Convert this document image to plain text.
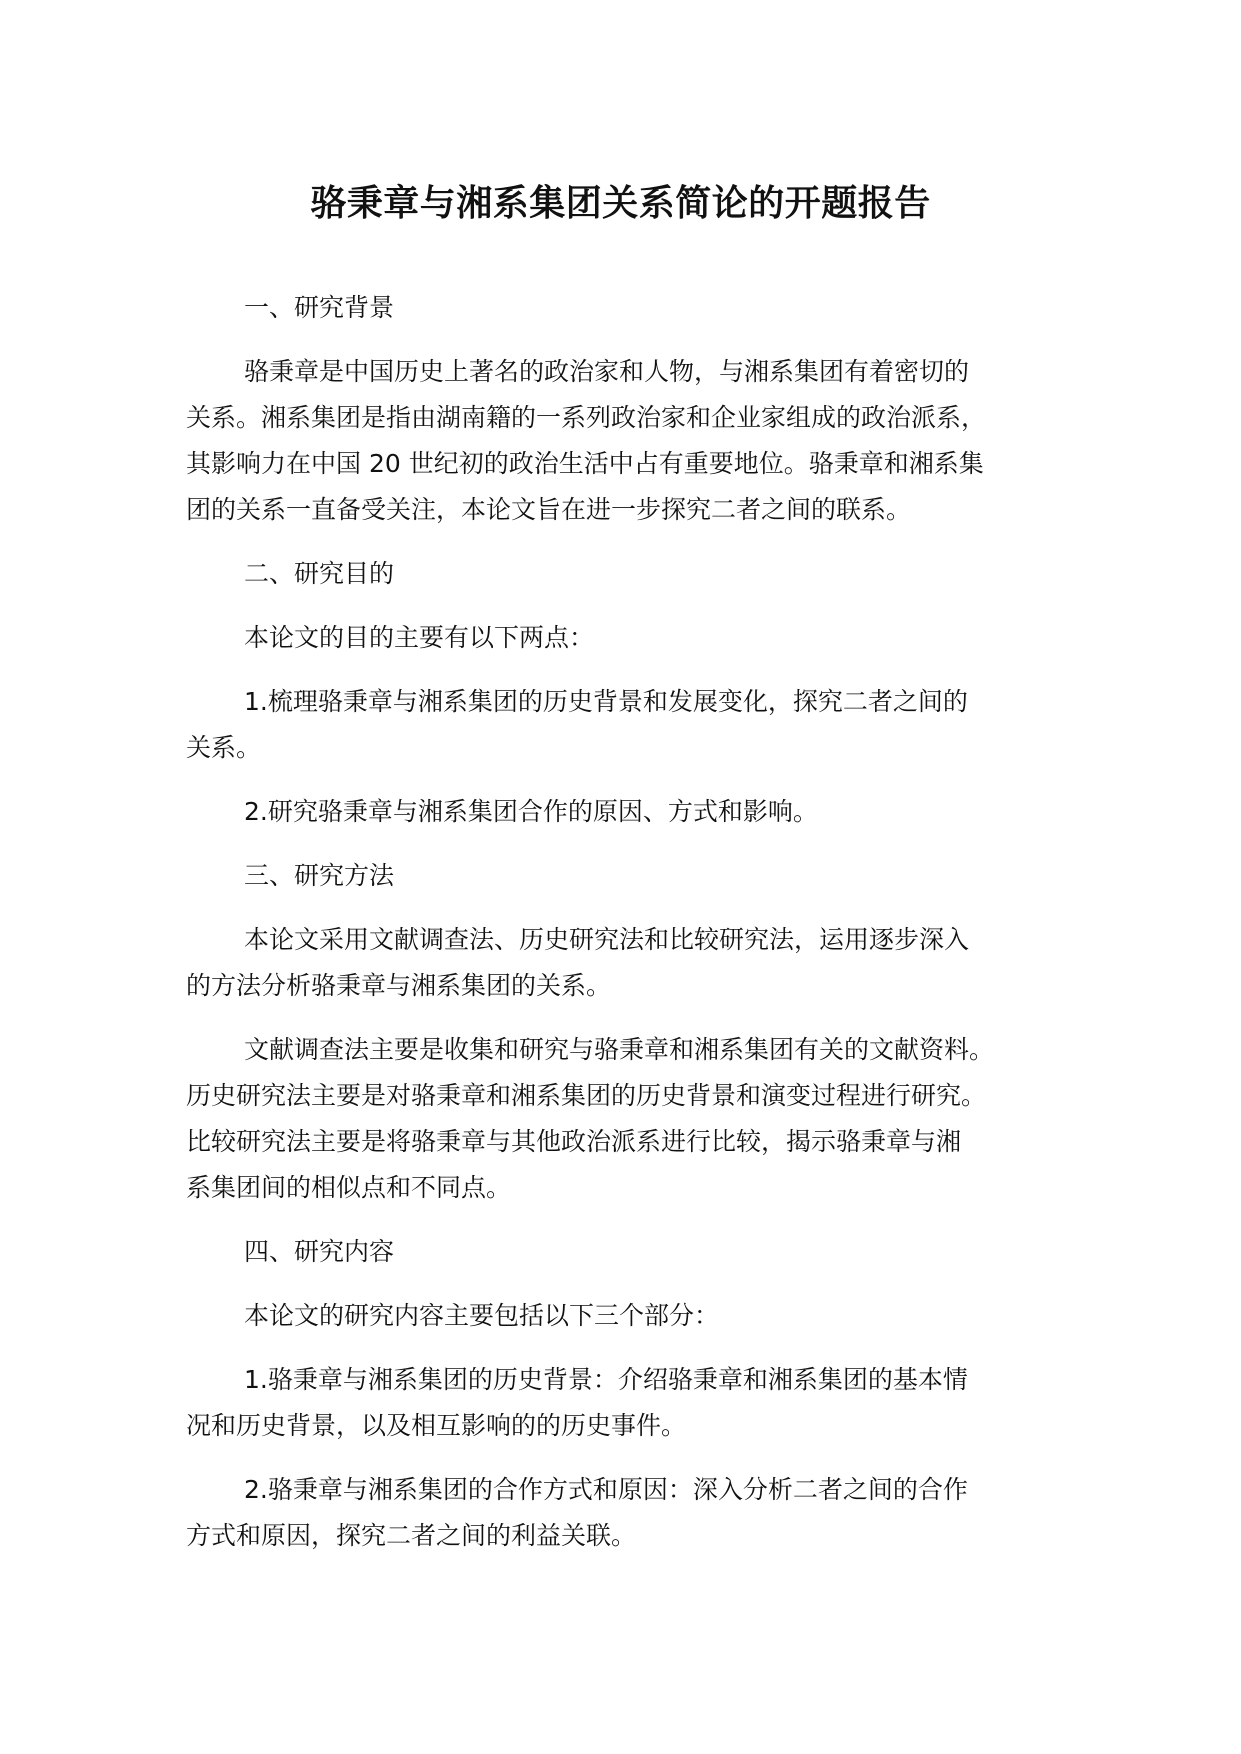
骆秉章与湘系集团关系简论的开题报告
一、研究背景
骆秉章是中国历史上著名的政治家和人物，与湘系集团有着密切的
关系。湘系集团是指由湖南籍的一系列政治家和企业家组成的政治派系，
其影响力在中国 20 世纪初的政治生活中占有重要地位。骆秉章和湘系集
团的关系一直备受关注，本论文旨在进一步探究二者之间的联系。
二、研究目的
本论文的目的主要有以下两点：
1.梳理骆秉章与湘系集团的历史背景和发展变化，探究二者之间的
关系。
2.研究骆秉章与湘系集团合作的原因、方式和影响。
三、研究方法
本论文采用文献调查法、历史研究法和比较研究法，运用逐步深入
的方法分析骆秉章与湘系集团的关系。
文献调查法主要是收集和研究与骆秉章和湘系集团有关的文献资料。
历史研究法主要是对骆秉章和湘系集团的历史背景和演变过程进行研究。
比较研究法主要是将骆秉章与其他政治派系进行比较，揭示骆秉章与湘
系集团间的相似点和不同点。
四、研究内容
本论文的研究内容主要包括以下三个部分：
1.骆秉章与湘系集团的历史背景：介绍骆秉章和湘系集团的基本情
况和历史背景，以及相互影响的的历史事件。
2.骆秉章与湘系集团的合作方式和原因：深入分析二者之间的合作
方式和原因，探究二者之间的利益关联。
